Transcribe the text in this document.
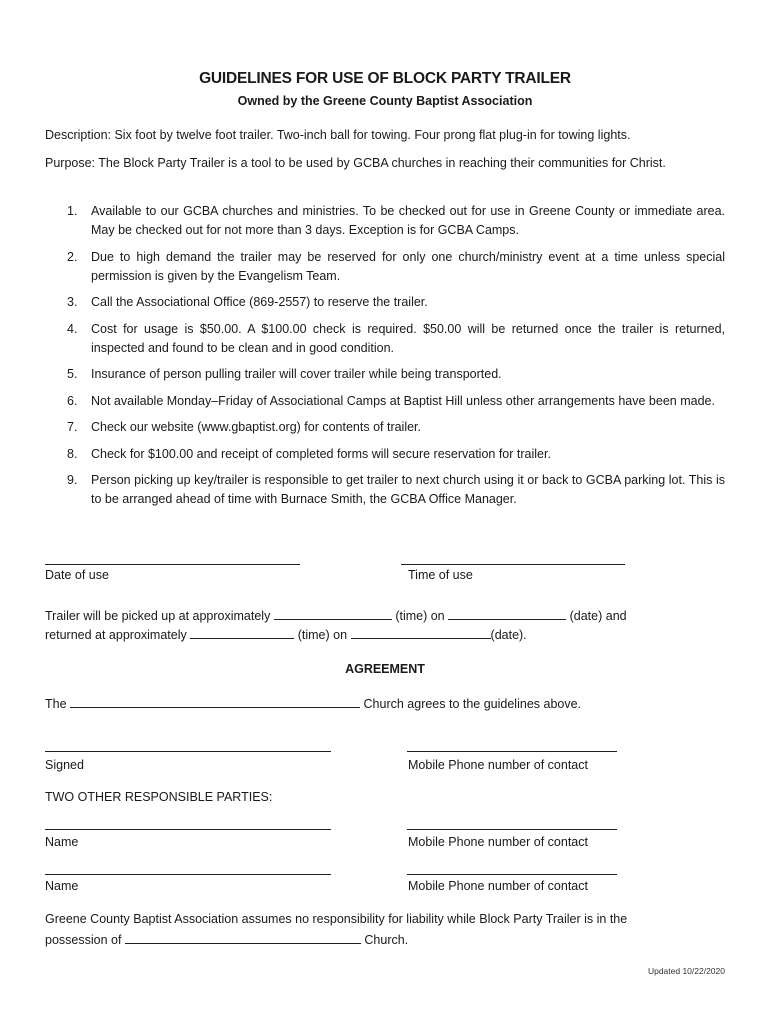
GUIDELINES FOR USE OF BLOCK PARTY TRAILER
Owned by the Greene County Baptist Association
Description: Six foot by twelve foot trailer. Two-inch ball for towing. Four prong flat plug-in for towing lights.
Purpose: The Block Party Trailer is a tool to be used by GCBA churches in reaching their communities for Christ.
1. Available to our GCBA churches and ministries. To be checked out for use in Greene County or immediate area. May be checked out for not more than 3 days. Exception is for GCBA Camps.
2. Due to high demand the trailer may be reserved for only one church/ministry event at a time unless special permission is given by the Evangelism Team.
3. Call the Associational Office (869-2557) to reserve the trailer.
4. Cost for usage is $50.00. A $100.00 check is required. $50.00 will be returned once the trailer is returned, inspected and found to be clean and in good condition.
5. Insurance of person pulling trailer will cover trailer while being transported.
6. Not available Monday–Friday of Associational Camps at Baptist Hill unless other arrangements have been made.
7. Check our website (www.gbaptist.org) for contents of trailer.
8. Check for $100.00 and receipt of completed forms will secure reservation for trailer.
9. Person picking up key/trailer is responsible to get trailer to next church using it or back to GCBA parking lot. This is to be arranged ahead of time with Burnace Smith, the GCBA Office Manager.
Date of use	Time of use
Trailer will be picked up at approximately	(time) on	(date) and
returned at approximately	(time) on	(date).
AGREEMENT
The	Church agrees to the guidelines above.
Signed	Mobile Phone number of contact
TWO OTHER RESPONSIBLE PARTIES:
Name	Mobile Phone number of contact
Name	Mobile Phone number of contact
Greene County Baptist Association assumes no responsibility for liability while Block Party Trailer is in the
possession of	Church.
Updated 10/22/2020
